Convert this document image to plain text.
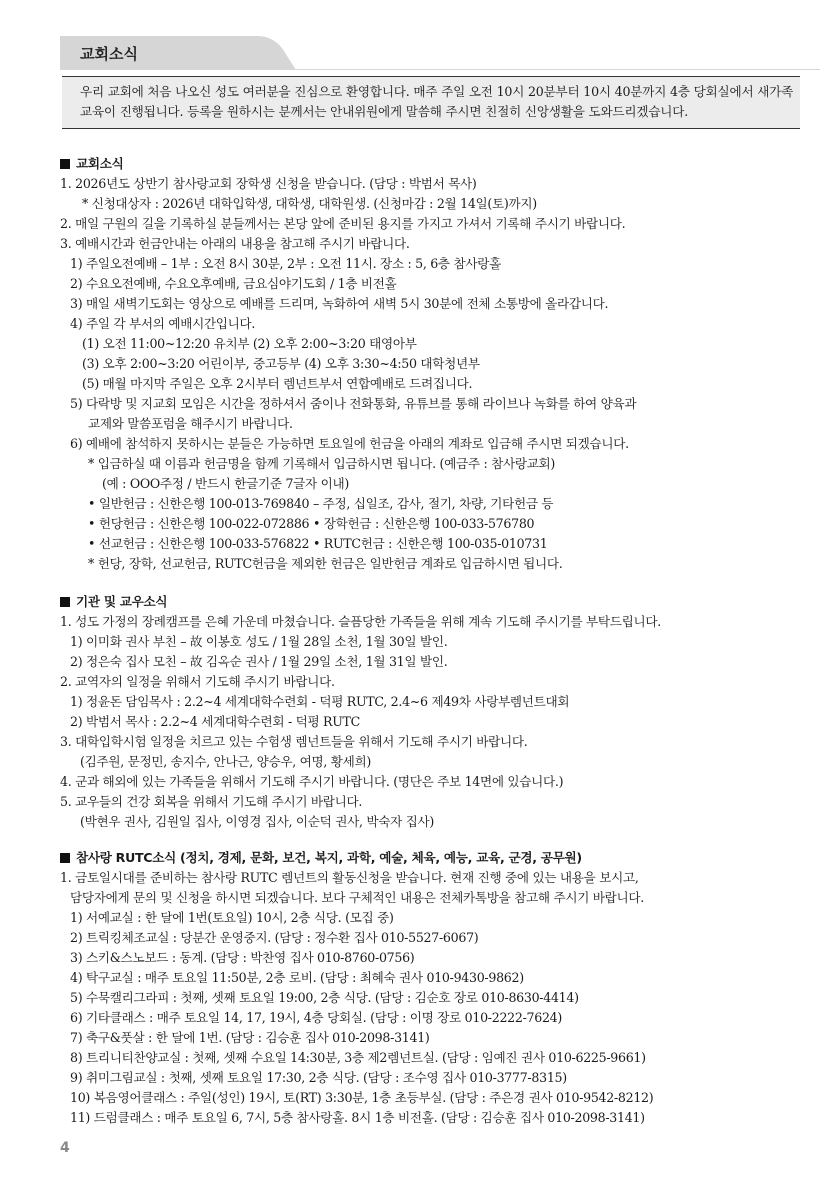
교회소식
우리 교회에 처음 나오신 성도 여러분을 진심으로 환영합니다. 매주 주일 오전 10시 20분부터 10시 40분까지 4층 당회실에서 새가족교육이 진행됩니다. 등록을 원하시는 분께서는 안내위원에게 말씀해 주시면 친절히 신앙생활을 도와드리겠습니다.
교회소식
1. 2026년도 상반기 참사랑교회 장학생 신청을 받습니다. (담당 : 박범서 목사)
* 신청대상자 : 2026년 대학입학생, 대학생, 대학원생. (신청마감 : 2월 14일(토)까지)
2. 매일 구원의 길을 기록하실 분들께서는 본당 앞에 준비된 용지를 가지고 가셔서 기록해 주시기 바랍니다.
3. 예배시간과 헌금안내는 아래의 내용을 참고해 주시기 바랍니다.
1) 주일오전예배 – 1부 : 오전 8시 30분, 2부 : 오전 11시. 장소 : 5, 6층 참사랑홀
2) 수요오전예배, 수요오후예배, 금요심야기도회 / 1층 비전홀
3) 매일 새벽기도회는 영상으로 예배를 드리며, 녹화하여 새벽 5시 30분에 전체 소통방에 올라갑니다.
4) 주일 각 부서의 예배시간입니다.
(1) 오전 11:00~12:20 유치부 (2) 오후 2:00~3:20 태영아부
(3) 오후 2:00~3:20 어린이부, 중고등부 (4) 오후 3:30~4:50 대학청년부
(5) 매월 마지막 주일은 오후 2시부터 렘넌트부서 연합예배로 드려집니다.
5) 다락방 및 지교회 모임은 시간을 정하셔서 줌이나 전화통화, 유튜브를 통해 라이브나 녹화를 하여 양육과
교제와 말씀포럼을 해주시기 바랍니다.
6) 예배에 참석하지 못하시는 분들은 가능하면 토요일에 헌금을 아래의 계좌로 입금해 주시면 되겠습니다.
* 입금하실 때 이름과 헌금명을 함께 기록해서 입금하시면 됩니다. (예금주 : 참사랑교회)
(예 : OOO주정 / 반드시 한글기준 7글자 이내)
• 일반헌금 : 신한은행 100-013-769840 – 주정, 십일조, 감사, 절기, 차량, 기타헌금 등
• 헌당헌금 : 신한은행 100-022-072886 • 장학헌금 : 신한은행 100-033-576780
• 선교헌금 : 신한은행 100-033-576822 • RUTC헌금 : 신한은행 100-035-010731
* 헌당, 장학, 선교헌금, RUTC헌금을 제외한 헌금은 일반헌금 계좌로 입금하시면 됩니다.
기관 및 교우소식
1. 성도 가정의 장례캠프를 은혜 가운데 마쳤습니다. 슬픔당한 가족들을 위해 계속 기도해 주시기를 부탁드립니다.
1) 이미화 권사 부친 – 故 이봉호 성도 / 1월 28일 소천, 1월 30일 발인.
2) 정은숙 집사 모친 – 故 김옥순 권사 / 1월 29일 소천, 1월 31일 발인.
2. 교역자의 일정을 위해서 기도해 주시기 바랍니다.
1) 정윤돈 담임목사 : 2.2~4 세계대학수련회 - 덕평 RUTC, 2.4~6 제49차 사랑부렘넌트대회
2) 박범서 목사 : 2.2~4 세계대학수련회 - 덕평 RUTC
3. 대학입학시험 일정을 치르고 있는 수험생 렘넌트들을 위해서 기도해 주시기 바랍니다.
(김주원, 문정민, 송지수, 안나근, 양승우, 여명, 황세희)
4. 군과 해외에 있는 가족들을 위해서 기도해 주시기 바랍니다. (명단은 주보 14면에 있습니다.)
5. 교우들의 건강 회복을 위해서 기도해 주시기 바랍니다.
(박현우 권사, 김원일 집사, 이영경 집사, 이순덕 권사, 박숙자 집사)
참사랑 RUTC소식 (정치, 경제, 문화, 보건, 복지, 과학, 예술, 체육, 예능, 교육, 군경, 공무원)
1. 금토일시대를 준비하는 참사랑 RUTC 렘넌트의 활동신청을 받습니다. 현재 진행 중에 있는 내용을 보시고,
담당자에게 문의 및 신청을 하시면 되겠습니다. 보다 구체적인 내용은 전체카톡방을 참고해 주시기 바랍니다.
1) 서예교실 : 한 달에 1번(토요일) 10시, 2층 식당. (모집 중)
2) 트릭킹체조교실 : 당분간 운영중지. (담당 : 정수환 집사 010-5527-6067)
3) 스키&스노보드 : 동계. (담당 : 박찬영 집사 010-8760-0756)
4) 탁구교실 : 매주 토요일 11:50분, 2층 로비. (담당 : 최혜숙 권사 010-9430-9862)
5) 수묵캘리그라피 : 첫째, 셋째 토요일 19:00, 2층 식당. (담당 : 김순호 장로 010-8630-4414)
6) 기타클래스 : 매주 토요일 14, 17, 19시, 4층 당회실. (담당 : 이명 장로 010-2222-7624)
7) 축구&풋살 : 한 달에 1번. (담당 : 김승훈 집사 010-2098-3141)
8) 트리니티찬양교실 : 첫째, 셋째 수요일 14:30분, 3층 제2렘넌트실. (담당 : 임예진 권사 010-6225-9661)
9) 취미그림교실 : 첫째, 셋째 토요일 17:30, 2층 식당. (담당 : 조수영 집사 010-3777-8315)
10) 복음영어클래스 : 주일(성인) 19시, 토(RT) 3:30분, 1층 초등부실. (담당 : 주은경 권사 010-9542-8212)
11) 드럼클래스 : 매주 토요일 6, 7시, 5층 참사랑홀. 8시 1층 비전홀. (담당 : 김승훈 집사 010-2098-3141)
4
